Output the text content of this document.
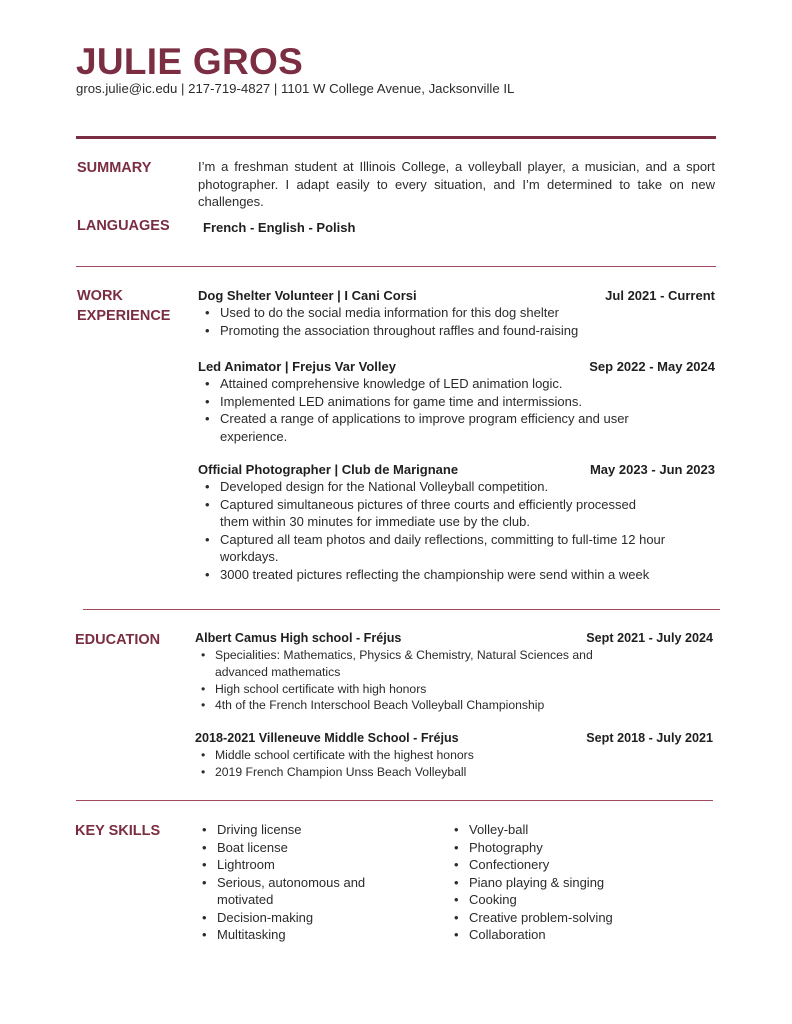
JULIE GROS
gros.julie@ic.edu | 217-719-4827 | 1101 W College Avenue, Jacksonville IL
SUMMARY	I’m a freshman student at Illinois College, a volleyball player, a musician, and a sport photographer. I adapt easily to every situation, and I’m determined to take on new challenges.
LANGUAGES	French - English - Polish
WORK
EXPERIENCE
Dog Shelter Volunteer | I Cani Corsi	Jul 2021 - Current
• Used to do the social media information for this dog shelter
• Promoting the association throughout raffles and found-raising
Led Animator | Frejus Var Volley	Sep 2022 - May 2024
• Attained comprehensive knowledge of LED animation logic.
• Implemented LED animations for game time and intermissions.
• Created a range of applications to improve program efficiency and user experience.
Official Photographer | Club de Marignane	May 2023 - Jun 2023
• Developed design for the National Volleyball competition.
• Captured simultaneous pictures of three courts and efficiently processed them within 30 minutes for immediate use by the club.
• Captured all team photos and daily reflections, committing to full-time 12 hour workdays.
• 3000 treated pictures reflecting the championship were send within a week
EDUCATION	Albert Camus High school - Fréjus	Sept 2021 - July 2024
• Specialities: Mathematics, Physics & Chemistry, Natural Sciences and advanced mathematics
• High school certificate with high honors
• 4th of the French Interschool Beach Volleyball Championship
2018-2021 Villeneuve Middle School - Fréjus	Sept 2018 - July 2021
• Middle school certificate with the highest honors
• 2019 French Champion Unss Beach Volleyball
KEY SKILLS	• Driving license
• Boat license
• Lightroom
• Serious, autonomous and motivated
• Decision-making
• Multitasking
• Volley-ball
• Photography
• Confectionery
• Piano playing & singing
• Cooking
• Creative problem-solving
• Collaboration
